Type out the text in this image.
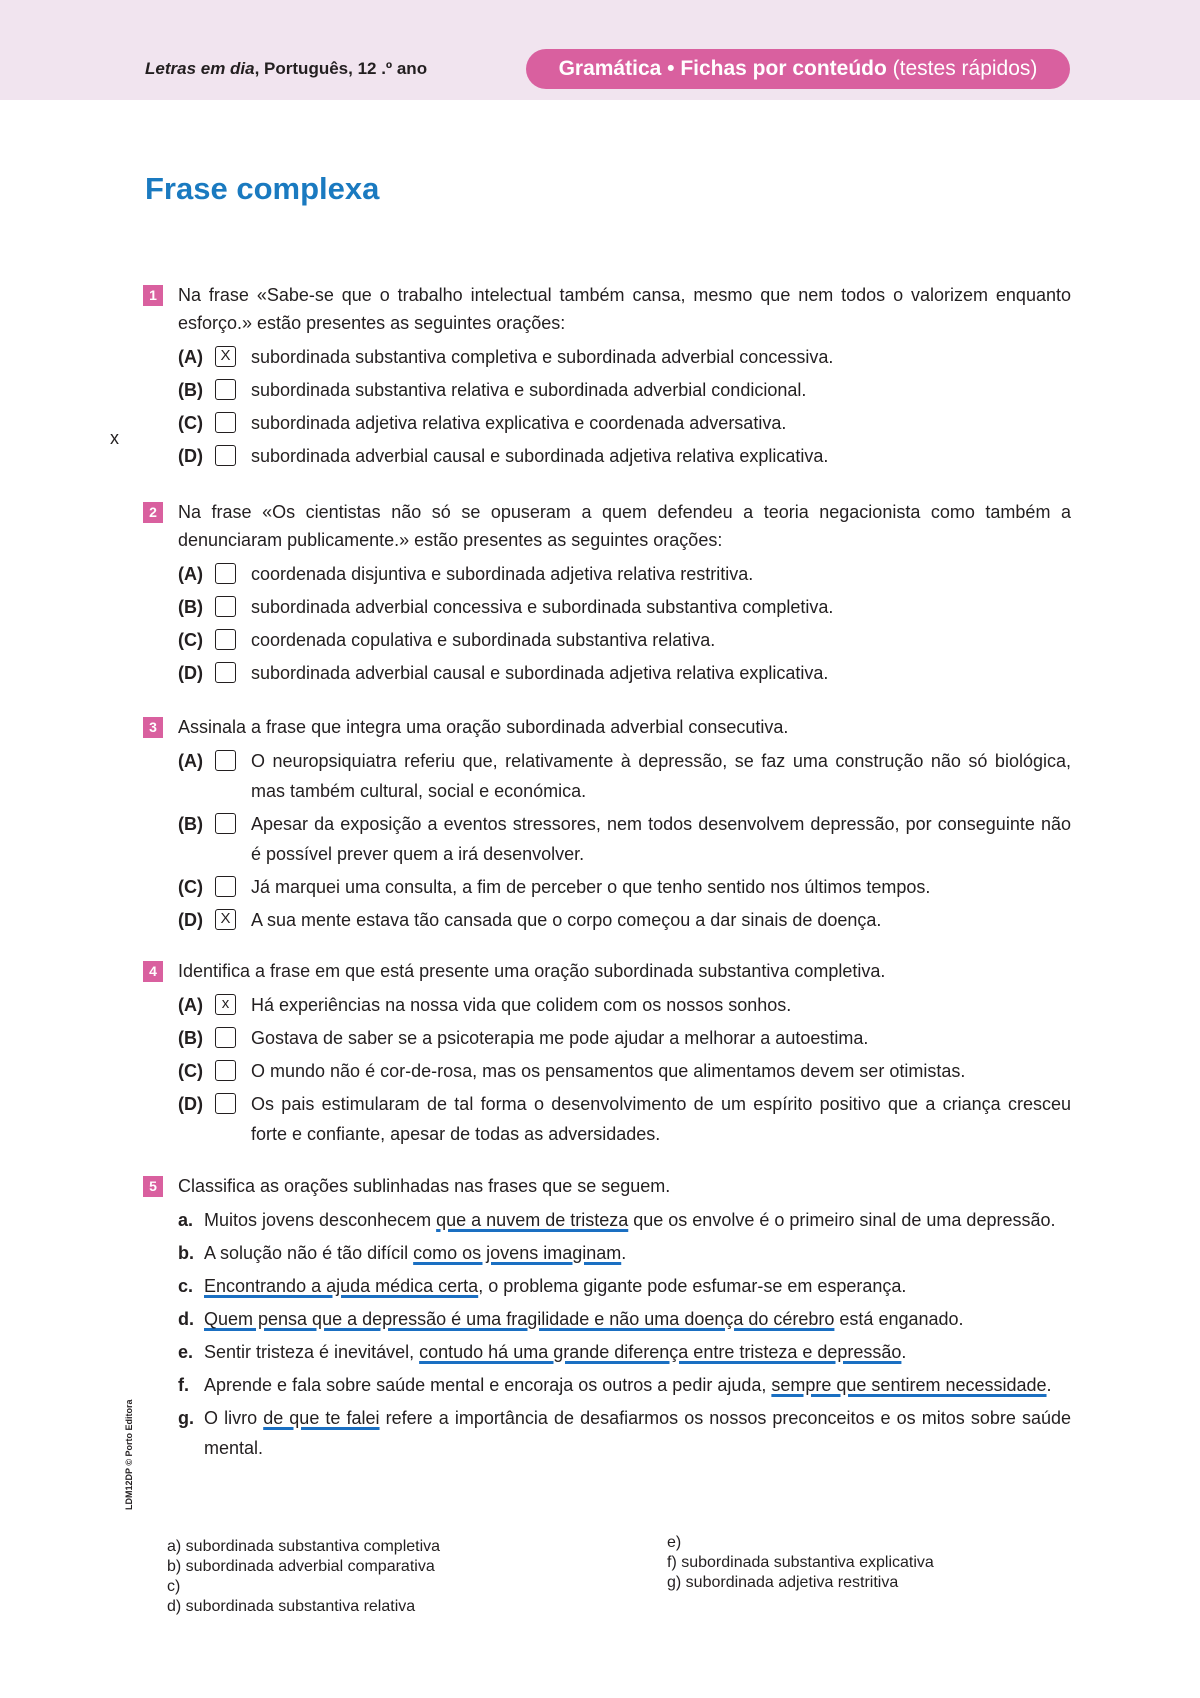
Letras em dia, Português, 12 .º ano	Gramática • Fichas por conteúdo (testes rápidos)
Frase complexa
x
1	Na frase «Sabe-se que o trabalho intelectual também cansa, mesmo que nem todos o valorizem enquanto esforço.» estão presentes as seguintes orações:
(A)	X	subordinada substantiva completiva e subordinada adverbial concessiva.
(B)	subordinada substantiva relativa e subordinada adverbial condicional.
(C)	subordinada adjetiva relativa explicativa e coordenada adversativa.
(D)	subordinada adverbial causal e subordinada adjetiva relativa explicativa.
2	Na frase «Os cientistas não só se opuseram a quem defendeu a teoria negacionista como também a denunciaram publicamente.» estão presentes as seguintes orações:
(A)	coordenada disjuntiva e subordinada adjetiva relativa restritiva.
(B)	subordinada adverbial concessiva e subordinada substantiva completiva.
(C)	coordenada copulativa e subordinada substantiva relativa.
(D)	subordinada adverbial causal e subordinada adjetiva relativa explicativa.
3	Assinala a frase que integra uma oração subordinada adverbial consecutiva.
(A)	O neuropsiquiatra referiu que, relativamente à depressão, se faz uma construção não só biológica, mas também cultural, social e económica.
(B)	Apesar da exposição a eventos stressores, nem todos desenvolvem depressão, por conseguinte não é possível prever quem a irá desenvolver.
(C)	Já marquei uma consulta, a fim de perceber o que tenho sentido nos últimos tempos.
(D)	X	A sua mente estava tão cansada que o corpo começou a dar sinais de doença.
4	Identifica a frase em que está presente uma oração subordinada substantiva completiva.
(A)	x	Há experiências na nossa vida que colidem com os nossos sonhos.
(B)	Gostava de saber se a psicoterapia me pode ajudar a melhorar a autoestima.
(C)	O mundo não é cor-de-rosa, mas os pensamentos que alimentamos devem ser otimistas.
(D)	Os pais estimularam de tal forma o desenvolvimento de um espírito positivo que a criança cresceu forte e confiante, apesar de todas as adversidades.
5	Classifica as orações sublinhadas nas frases que se seguem.
a. Muitos jovens desconhecem que a nuvem de tristeza que os envolve é o primeiro sinal de uma depressão.
b. A solução não é tão difícil como os jovens imaginam.
c. Encontrando a ajuda médica certa, o problema gigante pode esfumar-se em esperança.
d. Quem pensa que a depressão é uma fragilidade e não uma doença do cérebro está enganado.
e. Sentir tristeza é inevitável, contudo há uma grande diferença entre tristeza e depressão.
f. Aprende e fala sobre saúde mental e encoraja os outros a pedir ajuda, sempre que sentirem necessidade.
g. O livro de que te falei refere a importância de desafiarmos os nossos preconceitos e os mitos sobre saúde mental.
a) subordinada substantiva completiva
b) subordinada adverbial comparativa
c)
d) subordinada substantiva relativa
e)
f) subordinada substantiva explicativa
g) subordinada adjetiva restritiva
LDM12DP © Porto Editora
